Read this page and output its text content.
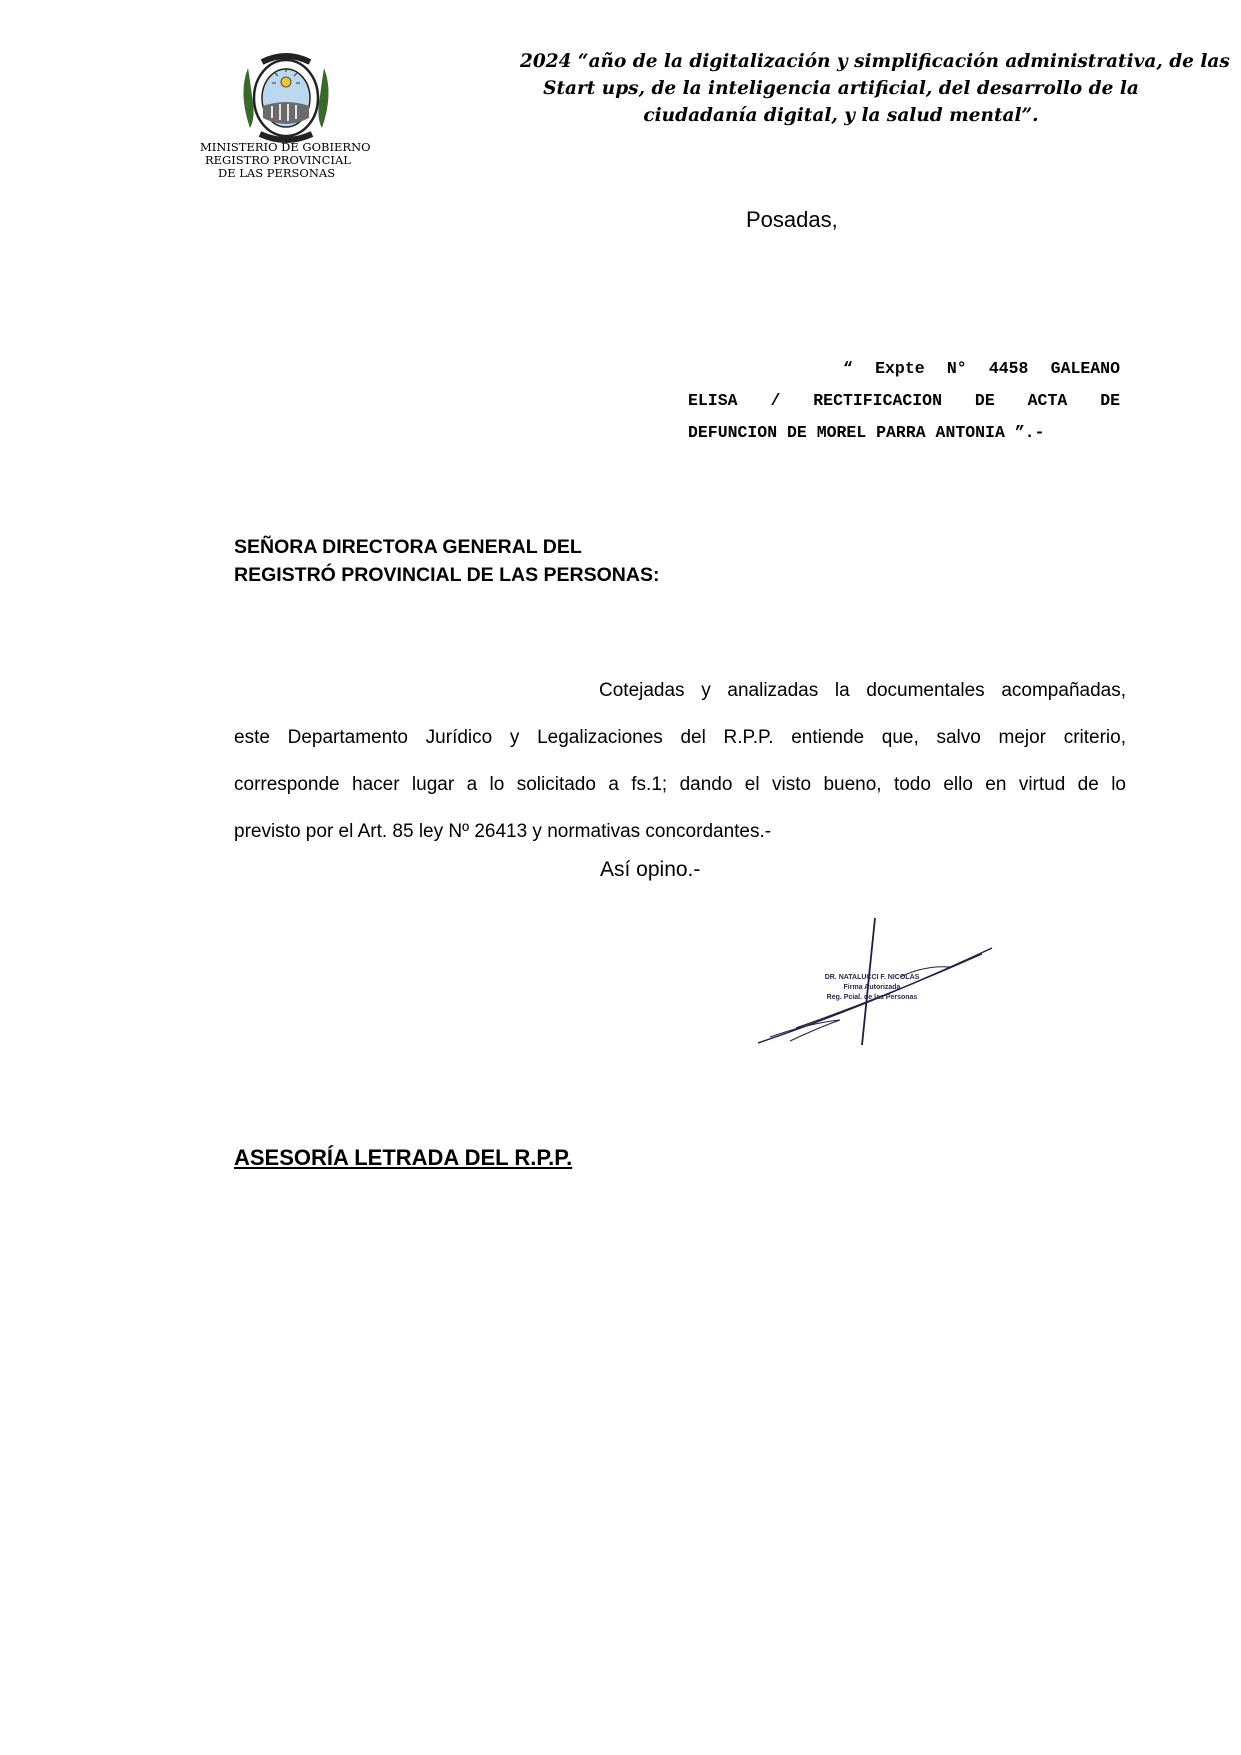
MINISTERIO DE GOBIERNO
REGISTRO PROVINCIAL
DE LAS PERSONAS
2024 “año de la digitalización y simplificación administrativa, de las
Start ups, de la inteligencia artificial, del desarrollo de la
ciudadanía digital, y la salud mental”.
Posadas,
“ Expte N° 4458 GALEANO
ELISA / RECTIFICACION DE ACTA DE
DEFUNCION DE MOREL PARRA ANTONIA ”.-
SEÑORA DIRECTORA GENERAL DEL
REGISTRÓ PROVINCIAL DE LAS PERSONAS:
Cotejadas y analizadas la documentales acompañadas,
este Departamento Jurídico y Legalizaciones del R.P.P. entiende que, salvo mejor criterio,
corresponde hacer lugar a lo solicitado a fs.1; dando el visto bueno, todo ello en virtud de lo
previsto por el Art. 85 ley Nº 26413 y normativas concordantes.-
Así opino.-
DR. NATALUCCI F. NICOLAS
Firma Autorizada
Reg. Pcial. de las Personas
ASESORÍA LETRADA DEL R.P.P.
